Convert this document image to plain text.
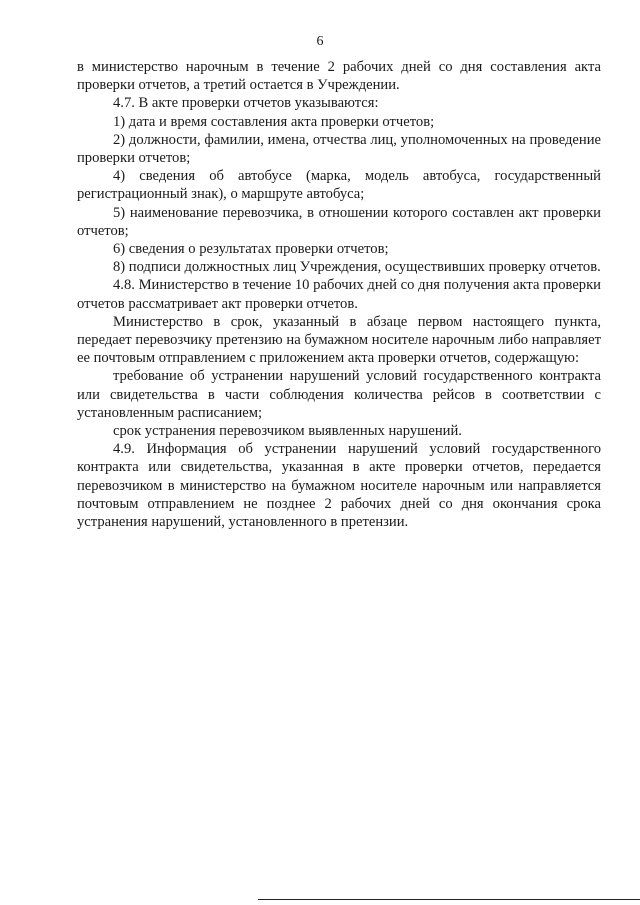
6

в министерство нарочным в течение 2 рабочих дней со дня составления акта проверки отчетов, а третий остается в Учреждении.

4.7. В акте проверки отчетов указываются:

1) дата и время составления акта проверки отчетов;

2) должности, фамилии, имена, отчества лиц, уполномоченных на проведение проверки отчетов;

4) сведения об автобусе (марка, модель автобуса, государственный регистрационный знак), о маршруте автобуса;

5) наименование перевозчика, в отношении которого составлен акт проверки отчетов;

6) сведения о результатах проверки отчетов;

8) подписи должностных лиц Учреждения, осуществивших проверку отчетов.

4.8. Министерство в течение 10 рабочих дней со дня получения акта проверки отчетов рассматривает акт проверки отчетов.

Министерство в срок, указанный в абзаце первом настоящего пункта, передает перевозчику претензию на бумажном носителе нарочным либо направляет ее почтовым отправлением с приложением акта проверки отчетов, содержащую:

требование об устранении нарушений условий государственного контракта или свидетельства в части соблюдения количества рейсов в соответствии с установленным расписанием;

срок устранения перевозчиком выявленных нарушений.

4.9. Информация об устранении нарушений условий государственного контракта или свидетельства, указанная в акте проверки отчетов, передается перевозчиком в министерство на бумажном носителе нарочным или направляется почтовым отправлением не позднее 2 рабочих дней со дня окончания срока устранения нарушений, установленного в претензии.
